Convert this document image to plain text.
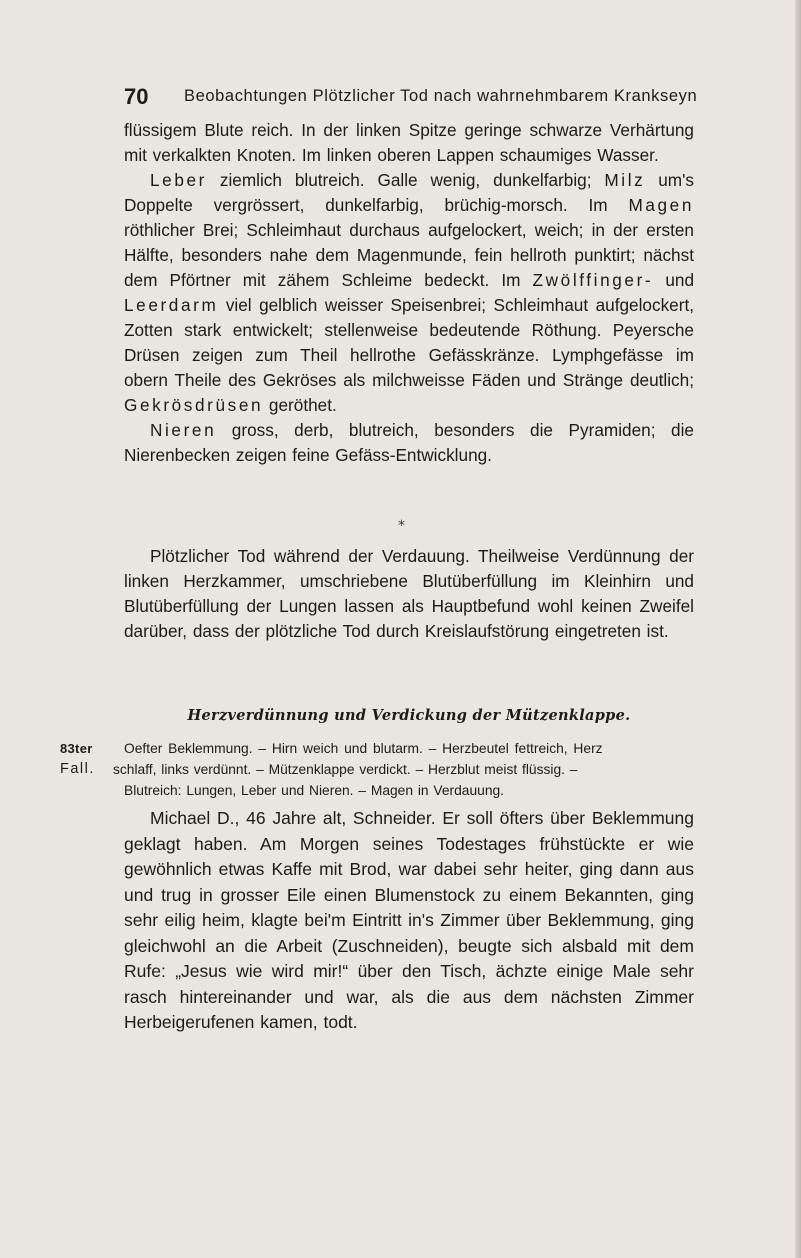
70 Beobachtungen Plötzlicher Tod nach wahrnehmbarem Krankseyn

flüssigem Blute reich. In der linken Spitze geringe schwarze Verhärtung mit verkalkten Knoten. Im linken oberen Lappen schaumiges Wasser.

Leber ziemlich blutreich. Galle wenig, dunkelfarbig; Milz um's Doppelte vergrössert, dunkelfarbig, brüchig-morsch. Im Magen röthlicher Brei; Schleimhaut durchaus aufgelockert, weich; in der ersten Hälfte, besonders nahe dem Magenmunde, fein hellroth punktirt; nächst dem Pförtner mit zähem Schleime bedeckt. Im Zwölffinger- und Leerdarm viel gelblich weisser Speisenbrei; Schleimhaut aufgelockert, Zotten stark entwickelt; stellenweise bedeutende Röthung. Peyersche Drüsen zeigen zum Theil hellrothe Gefässkränze. Lymphgefässe im obern Theile des Gekröses als milchweisse Fäden und Stränge deutlich; Gekrösdrüsen geröthet.

Nieren gross, derb, blutreich, besonders die Pyramiden; die Nierenbecken zeigen feine Gefäss-Entwicklung.

*

Plötzlicher Tod während der Verdauung. Theilweise Verdünnung der linken Herzkammer, umschriebene Blutüberfüllung im Kleinhirn und Blutüberfüllung der Lungen lassen als Hauptbefund wohl keinen Zweifel darüber, dass der plötzliche Tod durch Kreislaufstörung eingetreten ist.

Herzverdünnung und Verdickung der Mützenklappe.
83ter
Fall.
Oefter Beklemmung. – Hirn weich und blutarm. – Herzbeutel fettreich, Herz
schlaff, links verdünnt. – Mützenklappe verdickt. – Herzblut meist flüssig. –
Blutreich: Lungen, Leber und Nieren. – Magen in Verdauung.

Michael D., 46 Jahre alt, Schneider. Er soll öfters über Beklemmung geklagt haben. Am Morgen seines Todestages frühstückte er wie gewöhnlich etwas Kaffe mit Brod, war dabei sehr heiter, ging dann aus und trug in grosser Eile einen Blumenstock zu einem Bekannten, ging sehr eilig heim, klagte bei'm Eintritt in's Zimmer über Beklemmung, ging gleichwohl an die Arbeit (Zuschneiden), beugte sich alsbald mit dem Rufe: „Jesus wie wird mir!“ über den Tisch, ächzte einige Male sehr rasch hintereinander und war, als die aus dem nächsten Zimmer Herbeigerufenen kamen, todt.
